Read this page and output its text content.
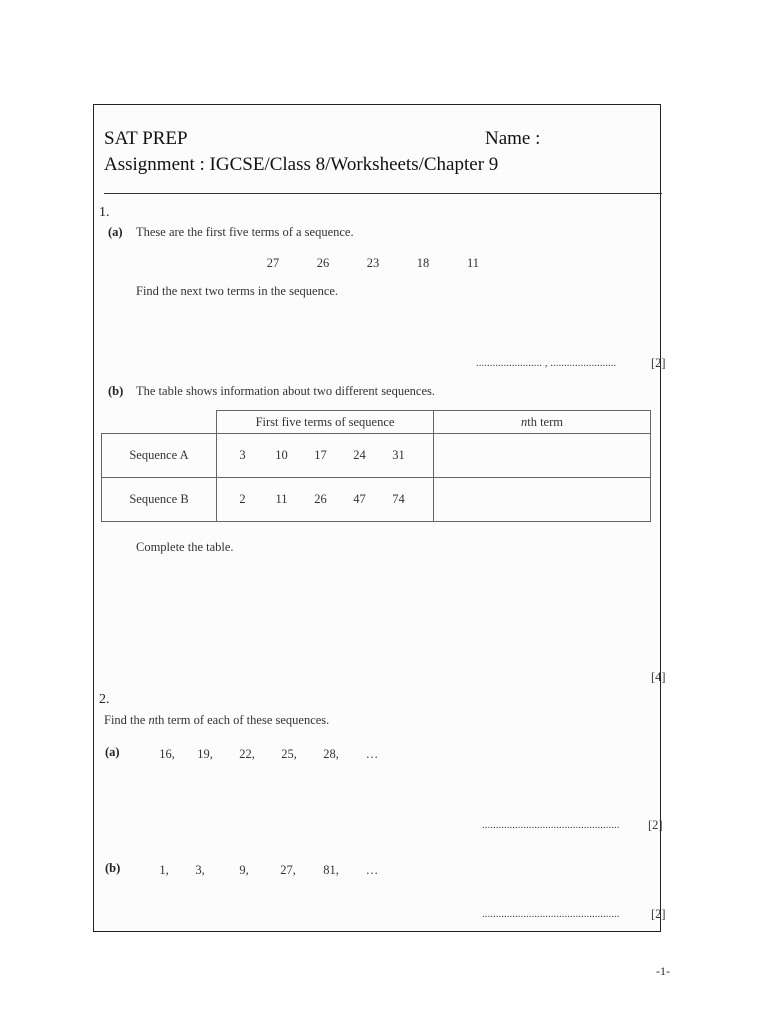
SAT PREP	Name :
Assignment : IGCSE/Class 8/Worksheets/Chapter 9
1.
(a) These are the first five terms of a sequence.
27	26	23	18	11
Find the next two terms in the sequence.
........................ , ........................	[2]
(b) The table shows information about two different sequences.
	First five terms of sequence	nth term
Sequence A	3 10 17 24 31	
Sequence B	2 11 26 47 74	
Complete the table.
[4]
2.
Find the nth term of each of these sequences.
(a)	16, 19, 22, 25, 28, …
.................................................. [2]
(b)	1, 3,	9,	27, 81, …
..................................................	[2]
-1-
